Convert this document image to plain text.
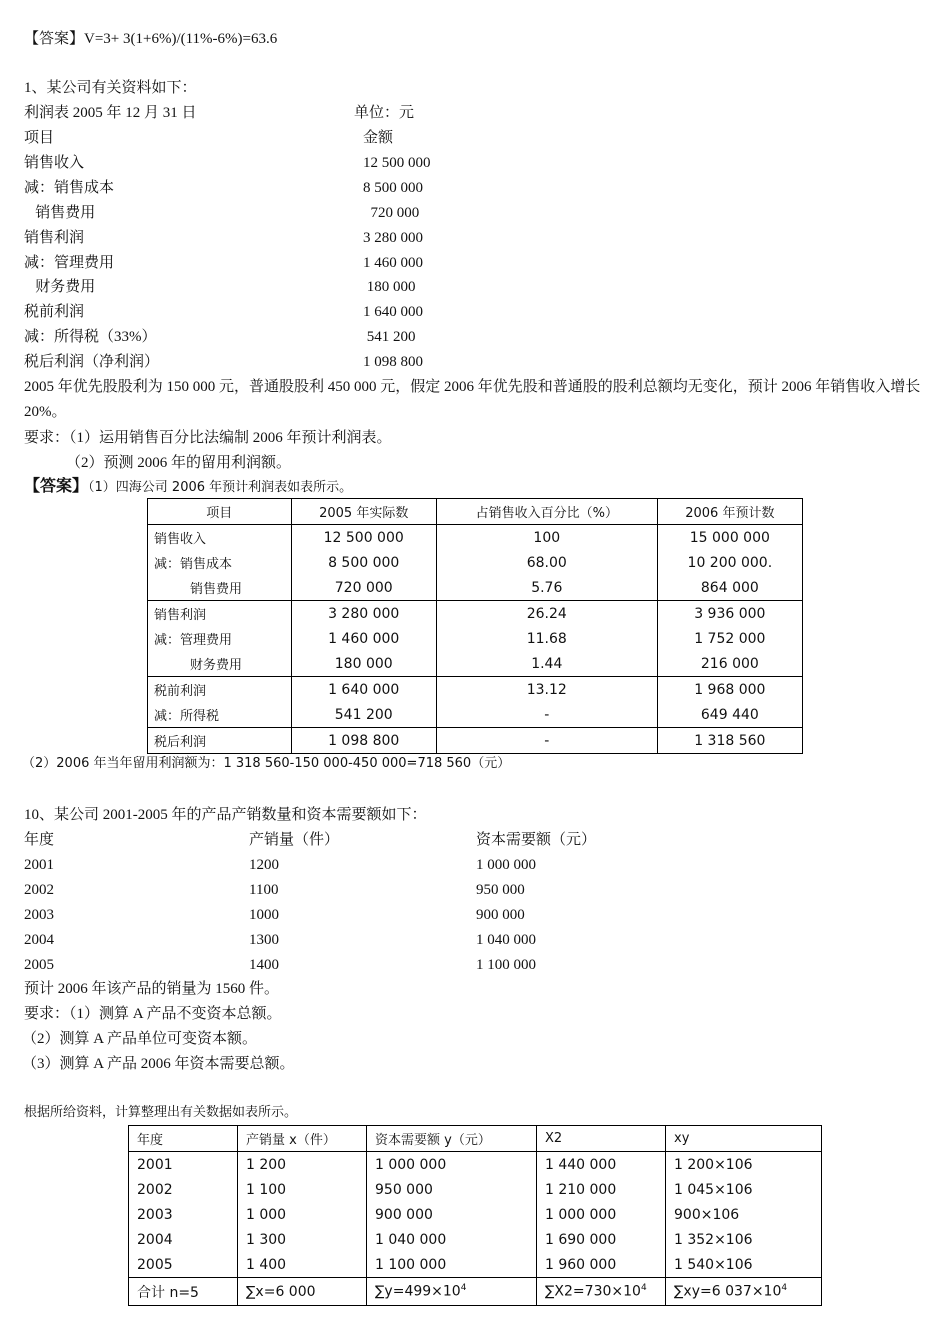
【答案】V=3+ 3(1+6%)/(11%-6%)=63.6
1、某公司有关资料如下：
利润表 2005 年 12 月 31 日	单位：元
项目	金额
销售收入	12 500 000
减：销售成本	8 500 000
销售费用	720 000
销售利润	3 280 000
减：管理费用	1 460 000
财务费用	180 000
税前利润	1 640 000
减：所得税（33%）	541 200
税后利润（净利润）	1 098 800
2005 年优先股股利为 150 000 元，普通股股利 450 000 元，假定 2006 年优先股和普通股的股利总额均无变化，预计 2006 年销售收入增长 20%。
要求：（1）运用销售百分比法编制 2006 年预计利润表。
（2）预测 2006 年的留用利润额。
【答案】（1）四海公司 2006 年预计利润表如表所示。
项目	2005 年实际数	占销售收入百分比（%）	2006 年预计数
销售收入	12 500 000	100	15 000 000
减：销售成本	8 500 000	68.00	10 200 000.
销售费用	720 000	5.76	864 000
销售利润	3 280 000	26.24	3 936 000
减：管理费用	1 460 000	11.68	1 752 000
财务费用	180 000	1.44	216 000
税前利润	1 640 000	13.12	1 968 000
减：所得税	541 200	-	649 440
税后利润	1 098 800	-	1 318 560
（2）2006 年当年留用利润额为：1 318 560-150 000-450 000=718 560（元）
10、某公司 2001-2005 年的产品产销数量和资本需要额如下：
年度	产销量（件）	资本需要额（元）
2001	1200	1 000 000
2002	1100	950 000
2003	1000	900 000
2004	1300	1 040 000
2005	1400	1 100 000
预计 2006 年该产品的销量为 1560 件。
要求：（1）测算 A 产品不变资本总额。
（2）测算 A 产品单位可变资本额。
（3）测算 A 产品 2006 年资本需要总额。
根据所给资料，计算整理出有关数据如表所示。
年度	产销量 x（件）	资本需要额 y（元）	X2	xy
2001	1 200	1 000 000	1 440 000	1 200×106
2002	1 100	950 000	1 210 000	1 045×106
2003	1 000	900 000	1 000 000	900×106
2004	1 300	1 040 000	1 690 000	1 352×106
2005	1 400	1 100 000	1 960 000	1 540×106
合计 n=5	∑x=6 000	$\sum y=499\times 10^4$	$\sum X2=730\times 10^4$	∑xy=6 $037\times 10^4$
